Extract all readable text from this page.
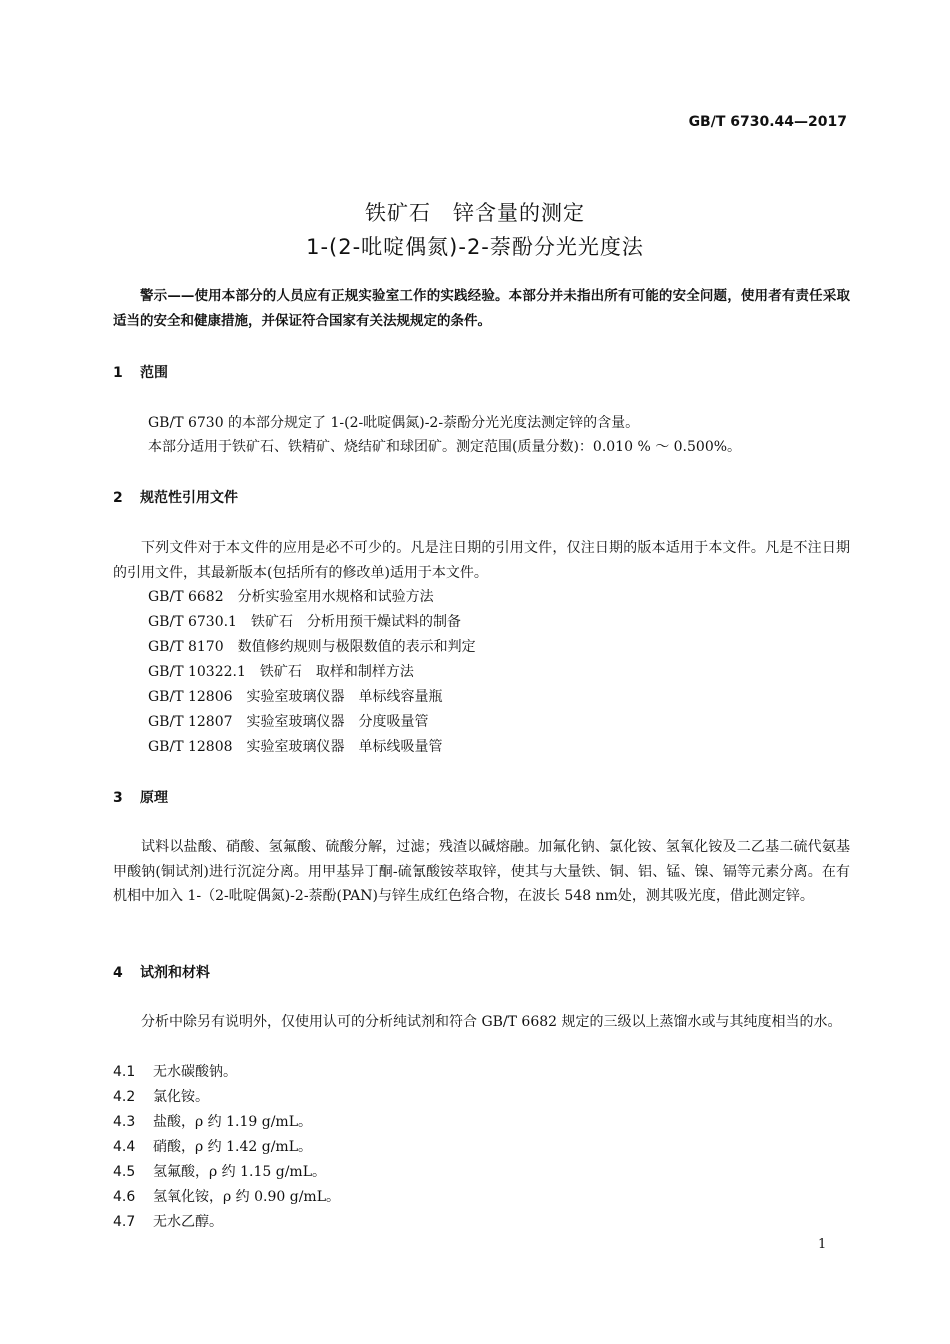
GB/T 6730.44—2017
铁矿石　锌含量的测定
1-(2-吡啶偶氮)-2-萘酚分光光度法
警示——使用本部分的人员应有正规实验室工作的实践经验。本部分并未指出所有可能的安全问题，使用者有责任采取适当的安全和健康措施，并保证符合国家有关法规规定的条件。
1 范围
GB/T 6730 的本部分规定了 1-(2-吡啶偶氮)-2-萘酚分光光度法测定锌的含量。
本部分适用于铁矿石、铁精矿、烧结矿和球团矿。测定范围(质量分数)：0.010 % ～ 0.500%。
2 规范性引用文件
下列文件对于本文件的应用是必不可少的。凡是注日期的引用文件，仅注日期的版本适用于本文件。凡是不注日期的引用文件，其最新版本(包括所有的修改单)适用于本文件。
GB/T 6682 分析实验室用水规格和试验方法
GB/T 6730.1 铁矿石　分析用预干燥试料的制备
GB/T 8170 数值修约规则与极限数值的表示和判定
GB/T 10322.1 铁矿石　取样和制样方法
GB/T 12806 实验室玻璃仪器　单标线容量瓶
GB/T 12807 实验室玻璃仪器　分度吸量管
GB/T 12808 实验室玻璃仪器　单标线吸量管
3 原理
试料以盐酸、硝酸、氢氟酸、硫酸分解，过滤；残渣以碱熔融。加氟化钠、氯化铵、氢氧化铵及二乙基二硫代氨基甲酸钠(铜试剂)进行沉淀分离。用甲基异丁酮-硫氰酸铵萃取锌，使其与大量铁、铜、铝、锰、镍、镉等元素分离。在有机相中加入 1-（2-吡啶偶氮)-2-萘酚(PAN)与锌生成红色络合物，在波长 548 nm处，测其吸光度，借此测定锌。
4 试剂和材料
分析中除另有说明外，仅使用认可的分析纯试剂和符合 GB/T 6682 规定的三级以上蒸馏水或与其纯度相当的水。
4.1 无水碳酸钠。
4.2 氯化铵。
4.3 盐酸，ρ 约 1.19 g/mL。
4.4 硝酸，ρ 约 1.42 g/mL。
4.5 氢氟酸，ρ 约 1.15 g/mL。
4.6 氢氧化铵，ρ 约 0.90 g/mL。
4.7 无水乙醇。
1
